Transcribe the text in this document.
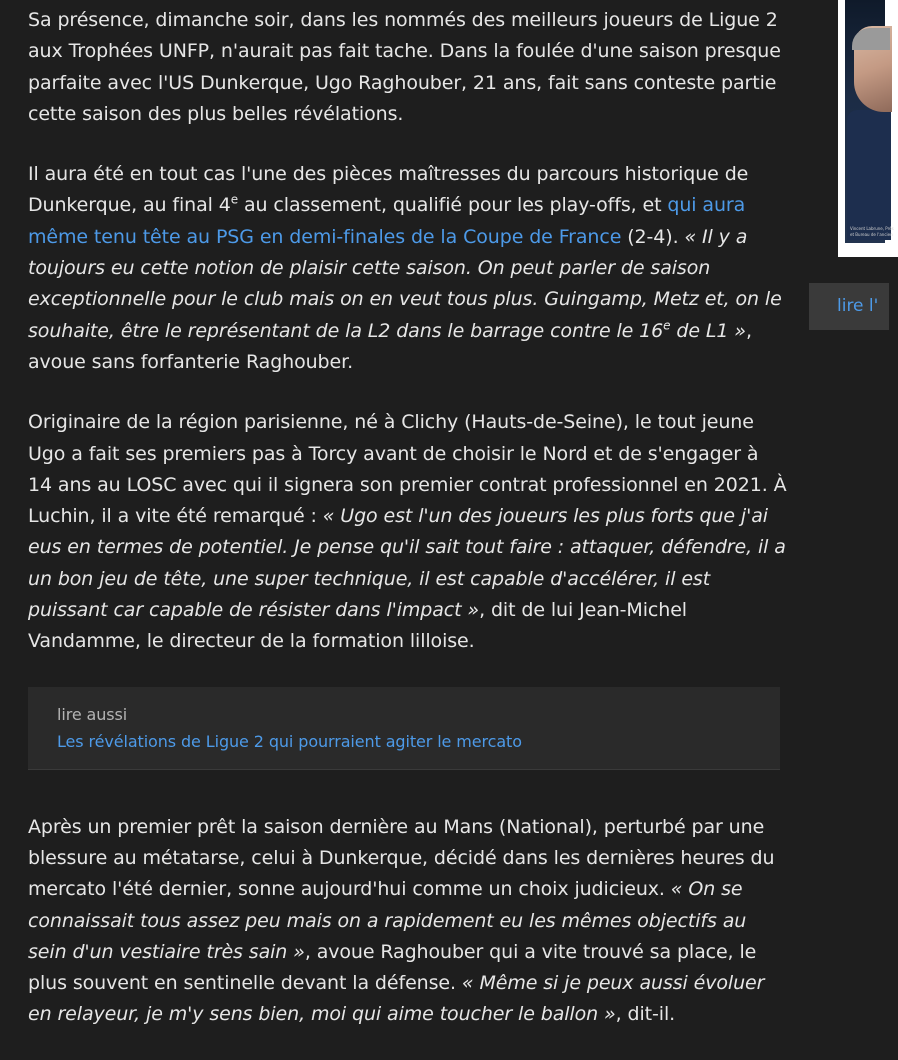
Sa présence, dimanche soir, dans les nommés des meilleurs joueurs de Ligue 2 aux Trophées UNFP, n'aurait pas fait tache. Dans la foulée d'une saison presque parfaite avec l'US Dunkerque, Ugo Raghouber, 21 ans, fait sans conteste partie cette saison des plus belles révélations.

Il aura été en tout cas l'une des pièces maîtresses du parcours historique de Dunkerque, au final 4e au classement, qualifié pour les play-offs, et qui aura même tenu tête au PSG en demi-finales de la Coupe de France (2-4). « Il y a toujours eu cette notion de plaisir cette saison. On peut parler de saison exceptionnelle pour le club mais on en veut tous plus. Guingamp, Metz et, on le souhaite, être le représentant de la L2 dans le barrage contre le 16e de L1 », avoue sans forfanterie Raghouber.

Originaire de la région parisienne, né à Clichy (Hauts-de-Seine), le tout jeune Ugo a fait ses premiers pas à Torcy avant de choisir le Nord et de s'engager à 14 ans au LOSC avec qui il signera son premier contrat professionnel en 2021. À Luchin, il a vite été remarqué : « Ugo est l'un des joueurs les plus forts que j'ai eus en termes de potentiel. Je pense qu'il sait tout faire : attaquer, défendre, il a un bon jeu de tête, une super technique, il est capable d'accélérer, il est puissant car capable de résister dans l'impact », dit de lui Jean-Michel Vandamme, le directeur de la formation lilloise.

lire aussi
Les révélations de Ligue 2 qui pourraient agiter le mercato

Après un premier prêt la saison dernière au Mans (National), perturbé par une blessure au métatarse, celui à Dunkerque, décidé dans les dernières heures du mercato l'été dernier, sonne aujourd'hui comme un choix judicieux. « On se connaissait tous assez peu mais on a rapidement eu les mêmes objectifs au sein d'un vestiaire très sain », avoue Raghouber qui a vite trouvé sa place, le plus souvent en sentinelle devant la défense. « Même si je peux aussi évoluer en relayeur, je m'y sens bien, moi qui aime toucher le ballon », dit-il.

Vincent Labrune, Prés
et Bureau de l'ancien
lire l'
